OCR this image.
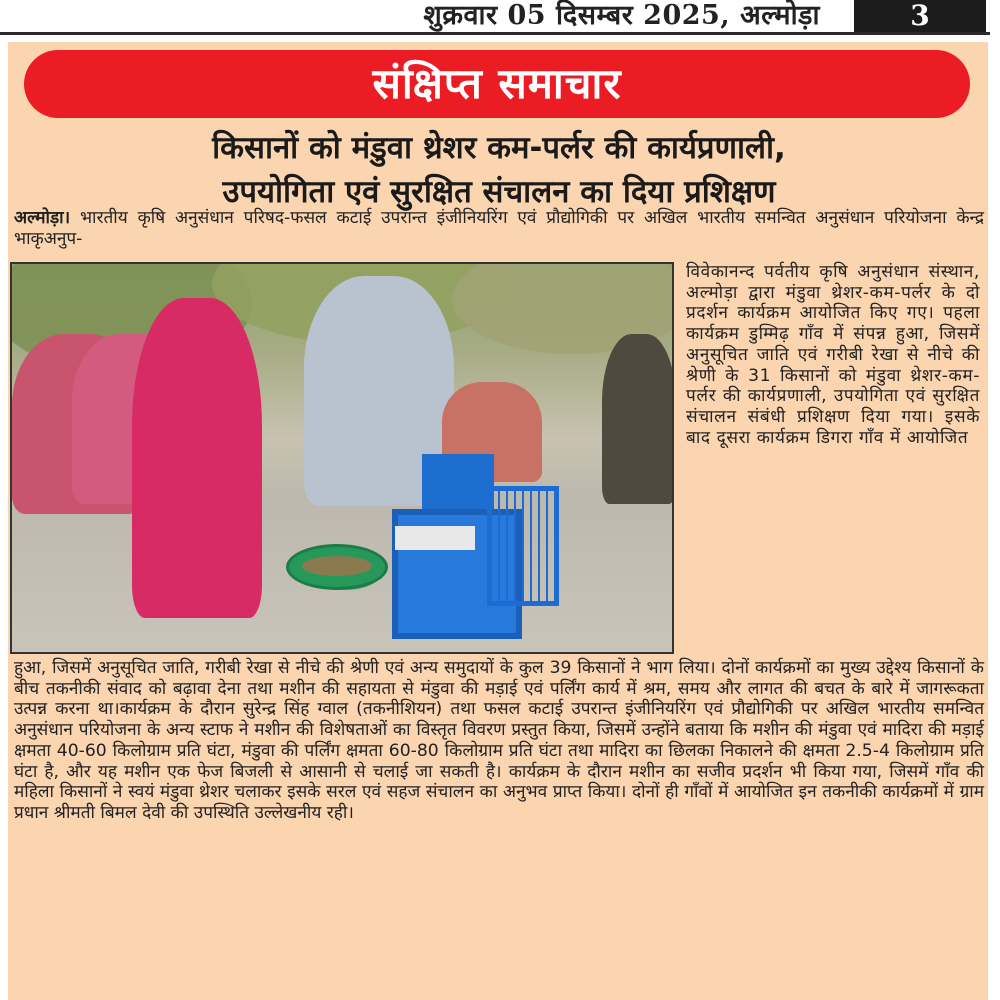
शुक्रवार 05 दिसम्बर 2025, अल्मोड़ा	3
संक्षिप्त समाचार
किसानों को मंडुवा थ्रेशर कम-पर्लर की कार्यप्रणाली,
उपयोगिता एवं सुरक्षित संचालन का दिया प्रशिक्षण

अल्मोड़ा। भारतीय कृषि अनुसंधान परिषद-फसल कटाई उपरान्त इंजीनियरिंग एवं प्रौद्योगिकी पर अखिल भारतीय समन्वित अनुसंधान परियोजना केन्द्र भाकृअनुप-

विवेकानन्द पर्वतीय कृषि अनुसंधान संस्थान, अल्मोड़ा द्वारा मंडुवा थ्रेशर-कम-पर्लर के दो प्रदर्शन कार्यक्रम आयोजित किए गए। पहला कार्यक्रम डुम्मिढ़ गाँव में संपन्न हुआ, जिसमें अनुसूचित जाति एवं गरीबी रेखा से नीचे की श्रेणी के 31 किसानों को मंडुवा थ्रेशर-कम-पर्लर की कार्यप्रणाली, उपयोगिता एवं सुरक्षित संचालन संबंधी प्रशिक्षण दिया गया। इसके बाद दूसरा कार्यक्रम डिगरा गाँव में आयोजित

हुआ, जिसमें अनुसूचित जाति, गरीबी रेखा से नीचे की श्रेणी एवं अन्य समुदायों के कुल 39 किसानों ने भाग लिया। दोनों कार्यक्रमों का मुख्य उद्देश्य किसानों के बीच तकनीकी संवाद को बढ़ावा देना तथा मशीन की सहायता से मंडुवा की मड़ाई एवं पर्लिंग कार्य में श्रम, समय और लागत की बचत के बारे में जागरूकता उत्पन्न करना था।कार्यक्रम के दौरान सुरेन्द्र सिंह ग्वाल (तकनीशियन) तथा फसल कटाई उपरान्त इंजीनियरिंग एवं प्रौद्योगिकी पर अखिल भारतीय समन्वित अनुसंधान परियोजना के अन्य स्टाफ ने मशीन की विशेषताओं का विस्तृत विवरण प्रस्तुत किया, जिसमें उन्होंने बताया कि मशीन की मंडुवा एवं मादिरा की मड़ाई क्षमता 40-60 किलोग्राम प्रति घंटा, मंडुवा की पर्लिंग क्षमता 60-80 किलोग्राम प्रति घंटा तथा मादिरा का छिलका निकालने की क्षमता 2.5-4 किलोग्राम प्रति घंटा है, और यह मशीन एक फेज बिजली से आसानी से चलाई जा सकती है। कार्यक्रम के दौरान मशीन का सजीव प्रदर्शन भी किया गया, जिसमें गाँव की महिला किसानों ने स्वयं मंडुवा थ्रेशर चलाकर इसके सरल एवं सहज संचालन का अनुभव प्राप्त किया। दोनों ही गाँवों में आयोजित इन तकनीकी कार्यक्रमों में ग्राम प्रधान श्रीमती बिमल देवी की उपस्थिति उल्लेखनीय रही।
